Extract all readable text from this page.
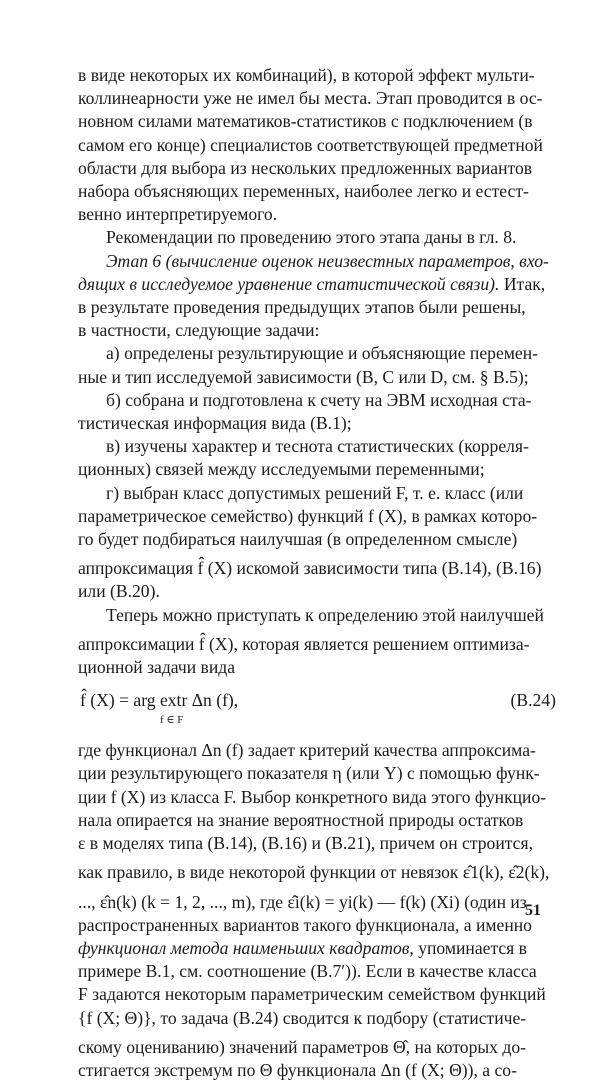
в виде некоторых их комбинаций), в которой эффект мульти-

коллинеарности уже не имел бы места. Этап проводится в ос-

новном силами математиков-статистиков с подключением (в

самом его конце) специалистов соответствующей предметной

области для выбора из нескольких предложенных вариантов

набора объясняющих переменных, наиболее легко и естест-

венно интерпретируемого.

Рекомендации по проведению этого этапа даны в гл. 8.

Этап 6 (вычисление оценок неизвестных параметров, вхо-

дящих в исследуемое уравнение статистической связи). Итак,

в результате проведения предыдущих этапов были решены,

в частности, следующие задачи:

а) определены результирующие и объясняющие перемен-

ные и тип исследуемой зависимости (B, C или D, см. § B.5);

б) собрана и подготовлена к счету на ЭВМ исходная ста-

тистическая информация вида (B.1);

в) изучены характер и теснота статистических (корреля-

ционных) связей между исследуемыми переменными;

г) выбран класс допустимых решений F, т. е. класс (или

параметрическое семейство) функций f (X), в рамках которо-

го будет подбираться наилучшая (в определенном смысле)

аппроксимация f̂ (X) искомой зависимости типа (B.14), (B.16)

или (B.20).

Теперь можно приступать к определению этой наилучшей

аппроксимации f̂ (X), которая является решением оптимиза-

ционной задачи вида

f̂ (X) = arg extr Δn (f),
f ∈ F
(B.24)

где функционал Δn (f) задает критерий качества аппроксима-

ции результирующего показателя η (или Y) с помощью функ-

ции f (X) из класса F. Выбор конкретного вида этого функцио-

нала опирается на знание вероятностной природы остатков

ε в моделях типа (B.14), (B.16) и (B.21), причем он строится,

как правило, в виде некоторой функции от невязок ε̂1(k), ε̂2(k),

..., ε̂n(k) (k = 1, 2, ..., m), где ε̂i(k) = yi(k) — f(k) (Xi) (один из

распространенных вариантов такого функционала, а именно

функционал метода наименьших квадратов, упоминается в

примере B.1, см. соотношение (B.7′)). Если в качестве класса

F задаются некоторым параметрическим семейством функций

{f (X; Θ)}, то задача (B.24) сводится к подбору (статистиче-

скому оцениванию) значений параметров Θ̂, на которых до-

стигается экстремум по Θ функционала Δn (f (X; Θ)), а со-

51
